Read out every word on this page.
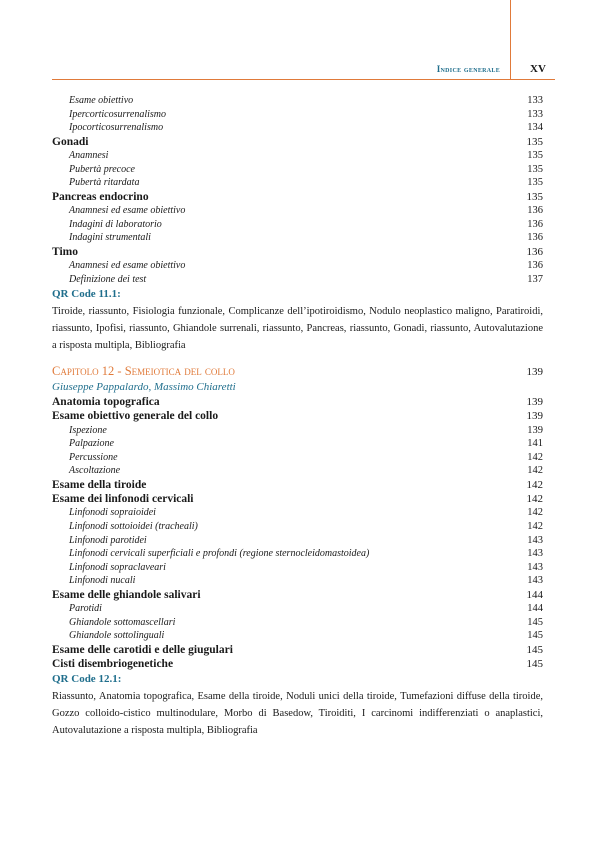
Indice generale	XV
Esame obiettivo	133
Ipercorticosurrenalismo	133
Ipocorticosurrenalismo	134
Gonadi	135
Anamnesi	135
Pubertà precoce	135
Pubertà ritardata	135
Pancreas endocrino	135
Anamnesi ed esame obiettivo	136
Indagini di laboratorio	136
Indagini strumentali	136
Timo	136
Anamnesi ed esame obiettivo	136
Definizione dei test	137
QR Code 11.1:
Tiroide, riassunto, Fisiologia funzionale, Complicanze dell’ipotiroidismo, Nodulo neoplastico maligno, Paratiroidi, riassunto, Ipofisi, riassunto, Ghiandole surrenali, riassunto, Pancreas, riassunto, Gonadi, riassunto, Autovalutazione a risposta multipla, Bibliografia
Capitolo 12 - Semeiotica del collo	139
Giuseppe Pappalardo, Massimo Chiaretti
Anatomia topografica	139
Esame obiettivo generale del collo	139
Ispezione	139
Palpazione	141
Percussione	142
Ascoltazione	142
Esame della tiroide	142
Esame dei linfonodi cervicali	142
Linfonodi sopraioidei	142
Linfonodi sottoioidei (tracheali)	142
Linfonodi parotidei	143
Linfonodi cervicali superficiali e profondi (regione sternocleidomastoidea)	143
Linfonodi sopraclaveari	143
Linfonodi nucali	143
Esame delle ghiandole salivari	144
Parotidi	144
Ghiandole sottomascellari	145
Ghiandole sottolinguali	145
Esame delle carotidi e delle giugulari	145
Cisti disembriogenetiche	145
QR Code 12.1:
Riassunto, Anatomia topografica, Esame della tiroide, Noduli unici della tiroide, Tumefazioni diffuse della tiroide, Gozzo colloido-cistico multinodulare, Morbo di Basedow, Tiroiditi, I carcinomi indifferenziati o anaplastici, Autovalutazione a risposta multipla, Bibliografia
